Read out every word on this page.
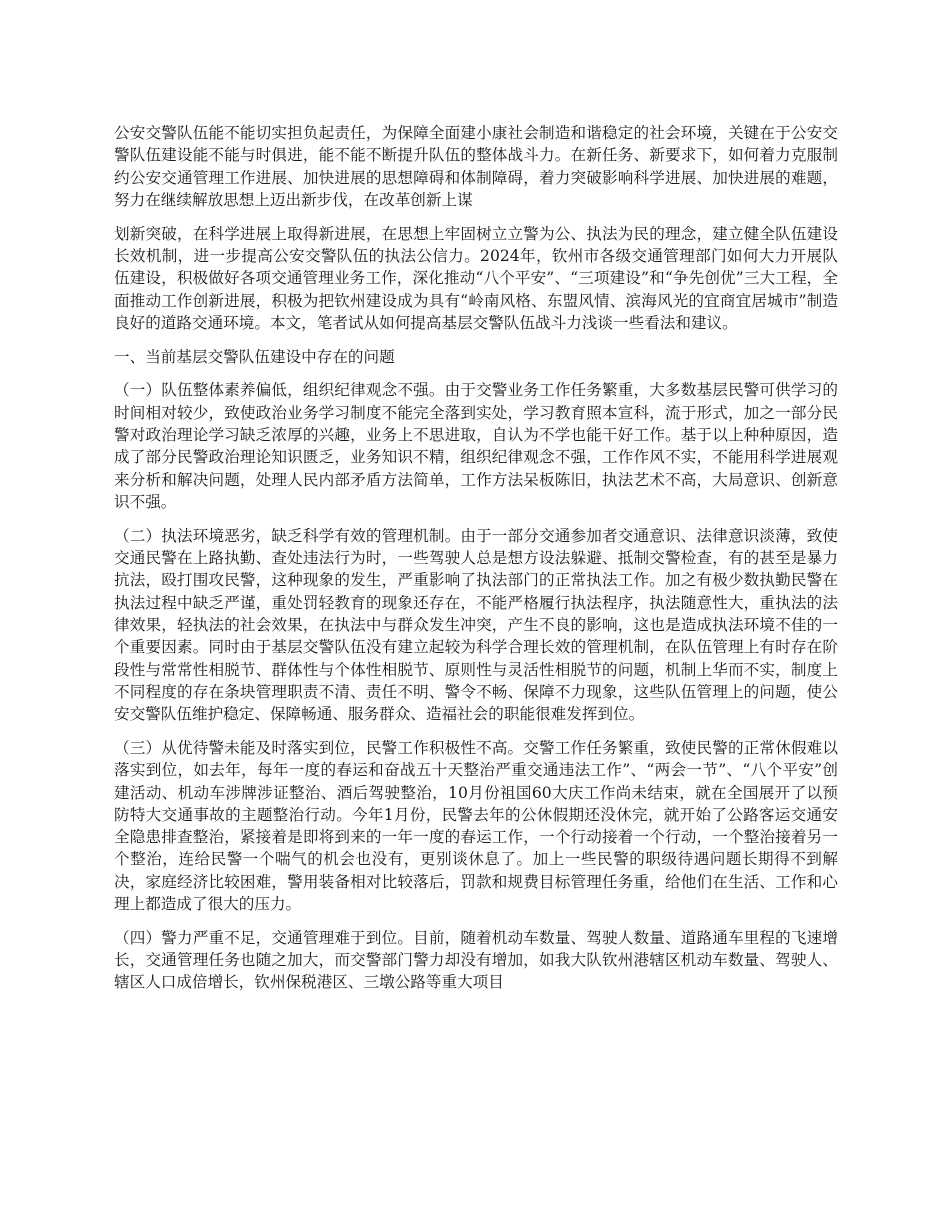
公安交警队伍能不能切实担负起责任，为保障全面建小康社会制造和谐稳定的社会环境，关键在于公安交警队伍建设能不能与时俱进，能不能不断提升队伍的整体战斗力。在新任务、新要求下，如何着力克服制约公安交通管理工作进展、加快进展的思想障碍和体制障碍，着力突破影响科学进展、加快进展的难题，努力在继续解放思想上迈出新步伐，在改革创新上谋

划新突破，在科学进展上取得新进展，在思想上牢固树立立警为公、执法为民的理念，建立健全队伍建设长效机制，进一步提高公安交警队伍的执法公信力。2024年，钦州市各级交通管理部门如何大力开展队伍建设，积极做好各项交通管理业务工作，深化推动“八个平安”、“三项建设”和“争先创优”三大工程，全面推动工作创新进展，积极为把钦州建设成为具有“岭南风格、东盟风情、滨海风光的宜商宜居城市”制造良好的道路交通环境。本文，笔者试从如何提高基层交警队伍战斗力浅谈一些看法和建议。

一、当前基层交警队伍建设中存在的问题

（一）队伍整体素养偏低，组织纪律观念不强。由于交警业务工作任务繁重，大多数基层民警可供学习的时间相对较少，致使政治业务学习制度不能完全落到实处，学习教育照本宣科，流于形式，加之一部分民警对政治理论学习缺乏浓厚的兴趣，业务上不思进取，自认为不学也能干好工作。基于以上种种原因，造成了部分民警政治理论知识匮乏，业务知识不精，组织纪律观念不强，工作作风不实，不能用科学进展观来分析和解决问题，处理人民内部矛盾方法简单，工作方法呆板陈旧，执法艺术不高，大局意识、创新意识不强。

（二）执法环境恶劣，缺乏科学有效的管理机制。由于一部分交通参加者交通意识、法律意识淡薄，致使交通民警在上路执勤、查处违法行为时，一些驾驶人总是想方设法躲避、抵制交警检查，有的甚至是暴力抗法，殴打围攻民警，这种现象的发生，严重影响了执法部门的正常执法工作。加之有极少数执勤民警在执法过程中缺乏严谨，重处罚轻教育的现象还存在，不能严格履行执法程序，执法随意性大，重执法的法律效果，轻执法的社会效果，在执法中与群众发生冲突，产生不良的影响，这也是造成执法环境不佳的一个重要因素。同时由于基层交警队伍没有建立起较为科学合理长效的管理机制，在队伍管理上有时存在阶段性与常常性相脱节、群体性与个体性相脱节、原则性与灵活性相脱节的问题，机制上华而不实，制度上不同程度的存在条块管理职责不清、责任不明、警令不畅、保障不力现象，这些队伍管理上的问题，使公安交警队伍维护稳定、保障畅通、服务群众、造福社会的职能很难发挥到位。

（三）从优待警未能及时落实到位，民警工作积极性不高。交警工作任务繁重，致使民警的正常休假难以落实到位，如去年，每年一度的春运和奋战五十天整治严重交通违法工作”、“两会一节”、“八个平安”创建活动、机动车涉牌涉证整治、酒后驾驶整治，10月份祖国60大庆工作尚未结束，就在全国展开了以预防特大交通事故的主题整治行动。今年1月份，民警去年的公休假期还没休完，就开始了公路客运交通安全隐患排查整治，紧接着是即将到来的一年一度的春运工作，一个行动接着一个行动，一个整治接着另一个整治，连给民警一个喘气的机会也没有，更别谈休息了。加上一些民警的职级待遇问题长期得不到解决，家庭经济比较困难，警用装备相对比较落后，罚款和规费目标管理任务重，给他们在生活、工作和心理上都造成了很大的压力。

（四）警力严重不足，交通管理难于到位。目前，随着机动车数量、驾驶人数量、道路通车里程的飞速增长，交通管理任务也随之加大，而交警部门警力却没有增加，如我大队钦州港辖区机动车数量、驾驶人、辖区人口成倍增长，钦州保税港区、三墩公路等重大项目
